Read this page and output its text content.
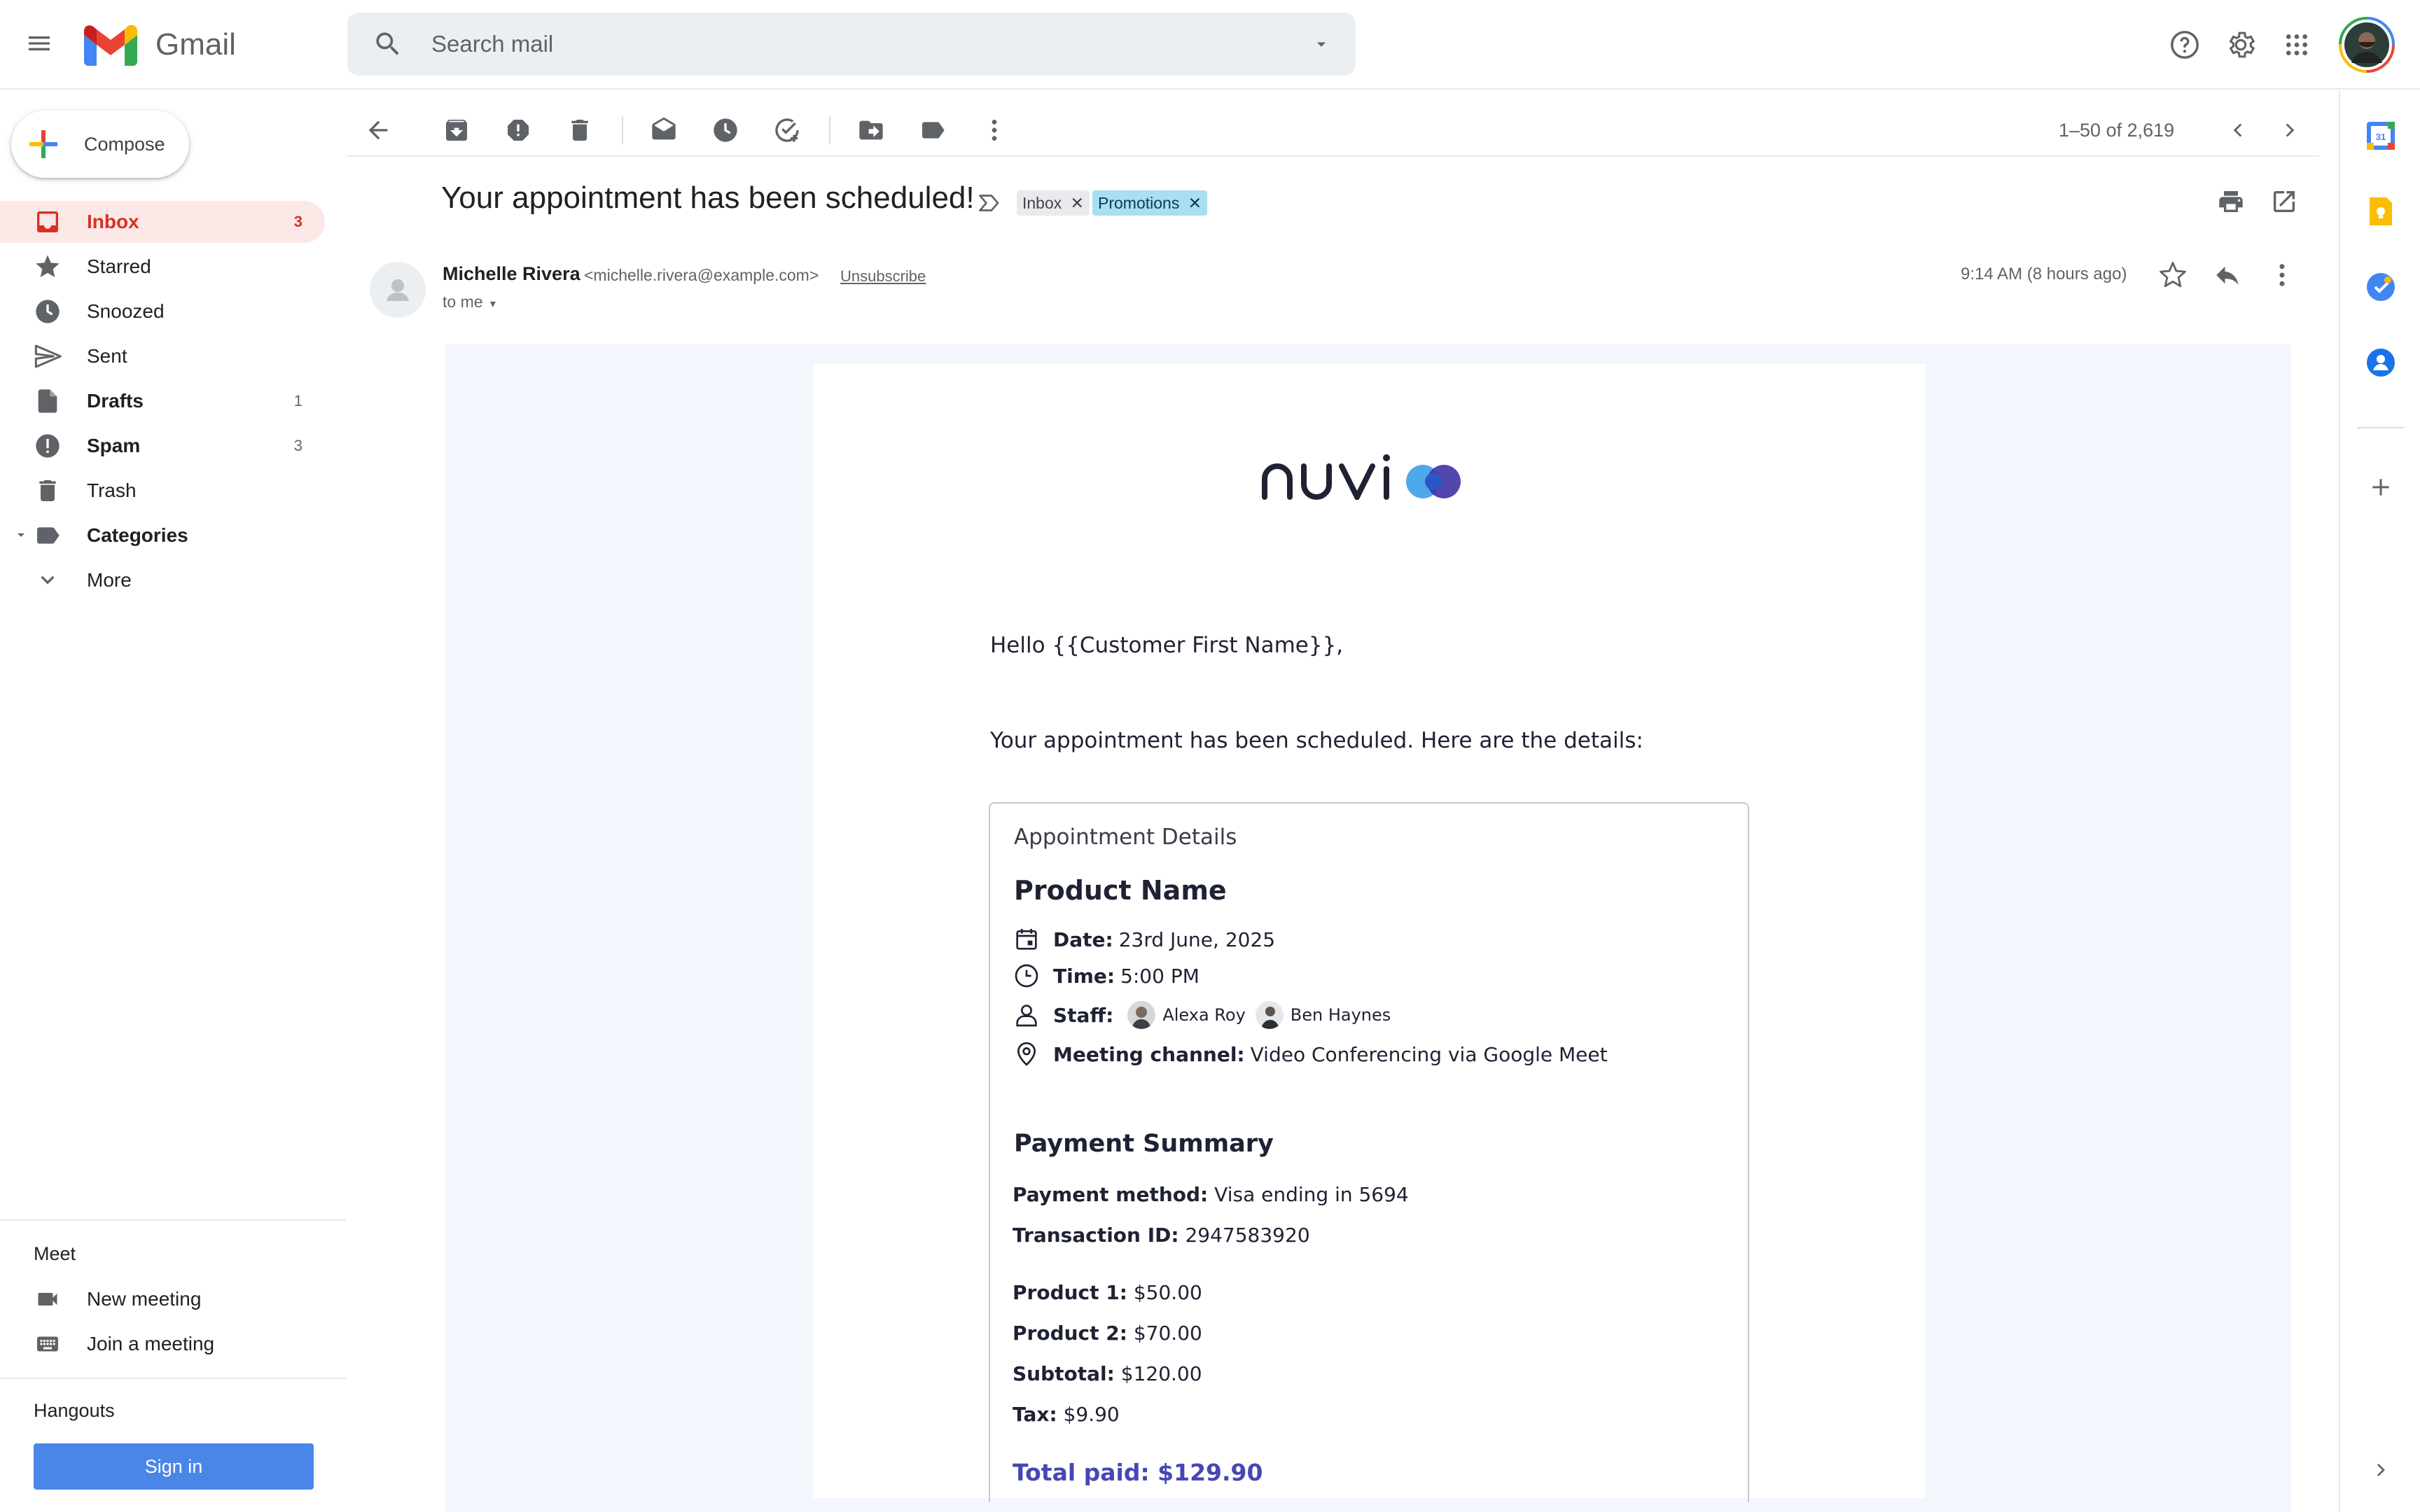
Gmail	Search mail
Compose
Inbox	3
Starred
Snoozed
Sent
Drafts	1
Spam	3
Trash
Categories
More
Meet
New meeting
Join a meeting
Hangouts
Sign in
1–50 of 2,619
Your appointment has been scheduled!	Inbox ✕ Promotions ✕
Michelle Rivera <michelle.rivera@example.com> Unsubscribe
to me ▾
9:14 AM (8 hours ago)
Hello {{Customer First Name}},
Your appointment has been scheduled. Here are the details:
Appointment Details
Product Name
Date: 23rd June, 2025
Time: 5:00 PM
Staff:	Alexa Roy	Ben Haynes
Meeting channel: Video Conferencing via Google Meet
Payment Summary
Payment method: Visa ending in 5694
Transaction ID: 2947583920
Product 1: $50.00
Product 2: $70.00
Subtotal: $120.00
Tax: $9.90
Total paid: $129.90
31
